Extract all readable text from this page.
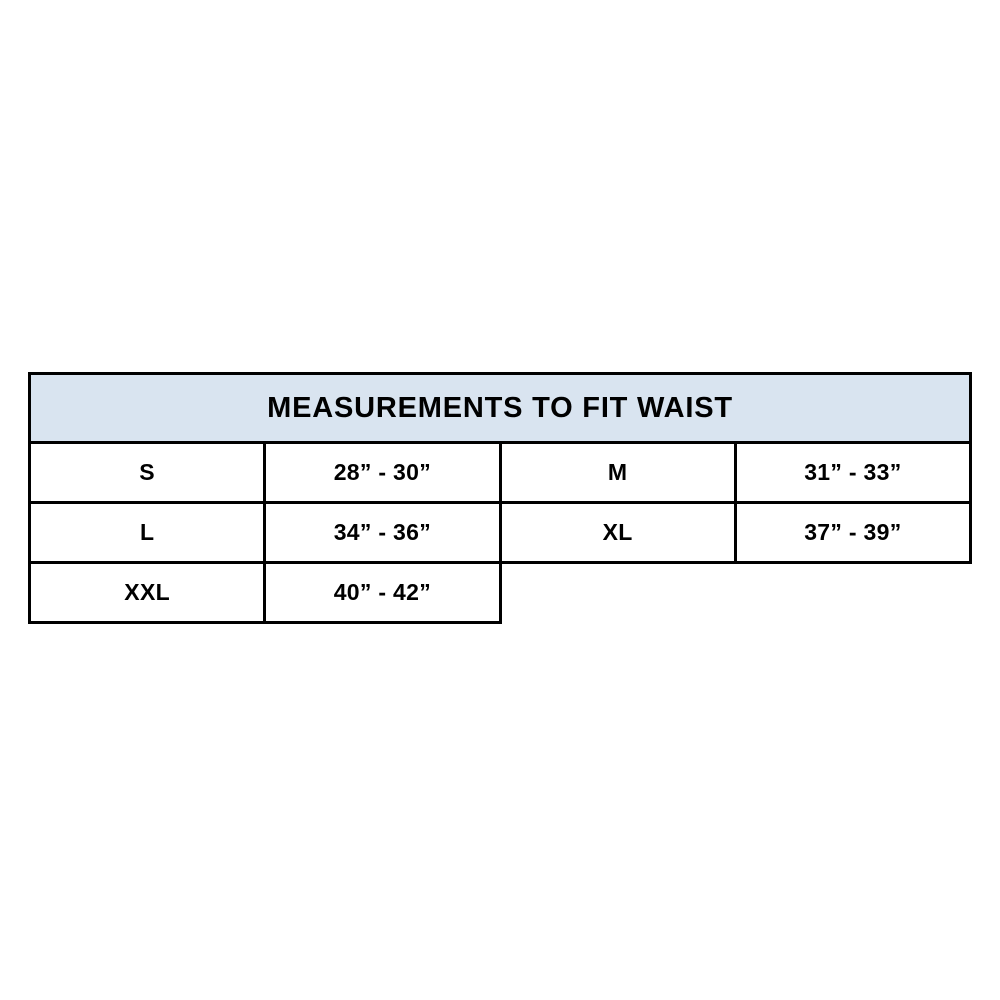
MEASUREMENTS TO FIT WAIST			
S	28” - 30”	M	31” - 33”
L	34” - 36”	XL	37” - 39”
XXL	40” - 42”		
